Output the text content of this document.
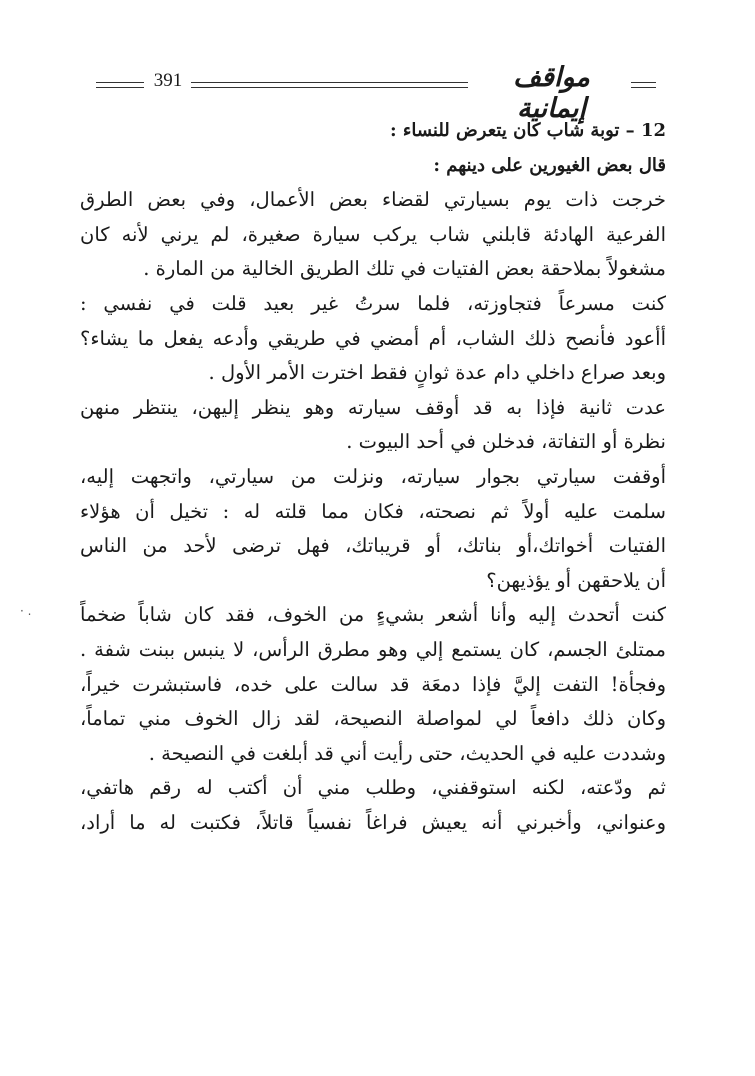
391	مواقف إيمانية
12 – توبة شاب كان يتعرض للنساء :
قال بعض الغيورين على دينهم :
خرجت ذات يوم بسيارتي لقضاء بعض الأعمال، وفي بعض الطرق
الفرعية الهادئة قابلني شاب يركب سيارة صغيرة، لم يرني لأنه كان
مشغولاً بملاحقة بعض الفتيات في تلك الطريق الخالية من المارة .
كنت مسرعاً فتجاوزته، فلما سرتُ غير بعيد قلت في نفسي :
أأعود فأنصح ذلك الشاب، أم أمضي في طريقي وأدعه يفعل ما يشاء؟
وبعد صراع داخلي دام عدة ثوانٍ فقط اخترت الأمر الأول .
عدت ثانية فإذا به قد أوقف سيارته وهو ينظر إليهن، ينتظر منهن
نظرة أو التفاتة، فدخلن في أحد البيوت .
أوقفت سيارتي بجوار سيارته، ونزلت من سيارتي، واتجهت إليه،
سلمت عليه أولاً ثم نصحته، فكان مما قلته له : تخيل أن هؤلاء
الفتيات أخواتك،أو بناتك، أو قريباتك، فهل ترضى لأحد من الناس
أن يلاحقهن أو يؤذيهن؟
كنت أتحدث إليه وأنا أشعر بشيءٍ من الخوف، فقد كان شاباً ضخماً
ممتلئ الجسم، كان يستمع إلي وهو مطرق الرأس، لا ينبس ببنت شفة .
وفجأة! التفت إليَّ فإذا دمعَة قد سالت على خده، فاستبشرت خيراً،
وكان ذلك دافعاً لي لمواصلة النصيحة، لقد زال الخوف مني تماماً،
وشددت عليه في الحديث، حتى رأيت أني قد أبلغت في النصيحة .
ثم ودّعته، لكنه استوقفني، وطلب مني أن أكتب له رقم هاتفي،
وعنواني، وأخبرني أنه يعيش فراغاً نفسياً قاتلاً، فكتبت له ما أراد،
· .
